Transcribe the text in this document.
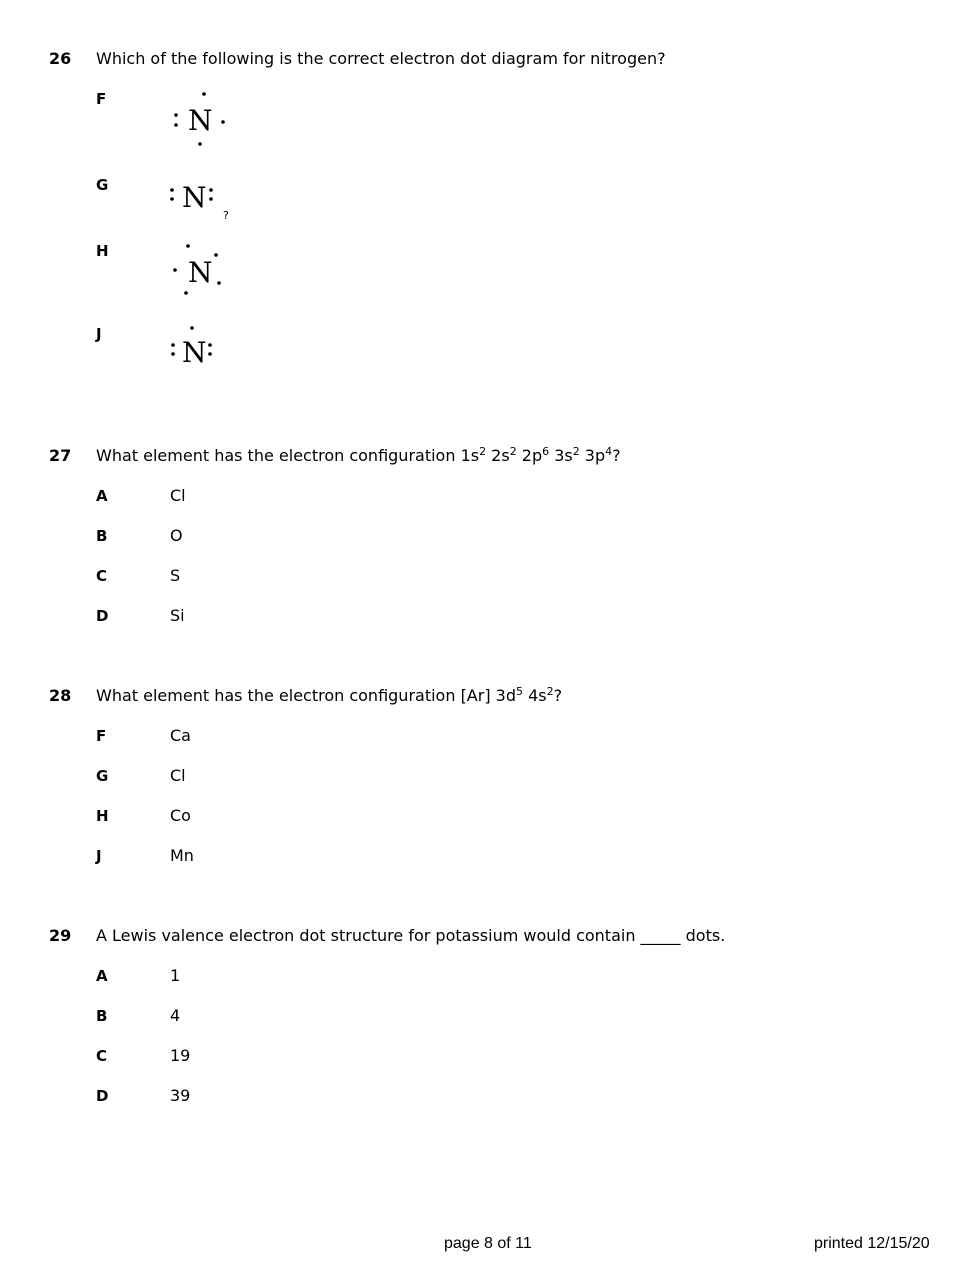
26 Which of the following is the correct electron dot diagram for nitrogen?
F
N
G	N
?
H
N
J
N
27 What element has the electron configuration $1s^2$ $2s^2$ $2p^6$ $3s^2$ $3p^4$?
A	Cl
B	O
C	S
D	Si
28 What element has the electron configuration [Ar] $3d^5$ $4s^2$?
F	Ca
G	Cl
H	Co
J	Mn
29 A Lewis valence electron dot structure for potassium would contain _____ dots.
A	1
B	4
C	19
D	39
page 8 of 11	printed 12/15/20
